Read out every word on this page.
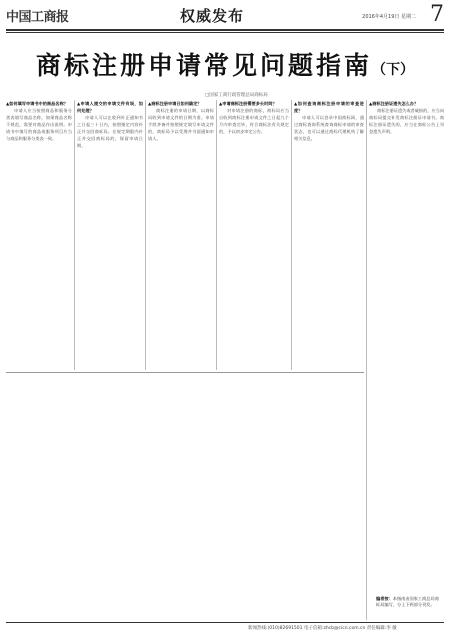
中国工商报	权威发布	2016年4月19日 星期二 7
商标注册申请常见问题指南（下）
□国家工商行政管理总局商标局

▲如何填写申请书中的商品名称？

申请人应当按照商品和服务分类表填写商品名称，如果商品名称不规范，需要对商品作出说明。申请书中填写的商品或服务项目应当与商品和服务分类表一致。

▲申请人提交的申请文件有误，如何处理？

申请人可以在收到补正通知书之日起三十日内，按照指定内容补正并交回商标局。在规定期限内补正并交回商标局的，保留申请日期。

▲商标注册申请日如何确定？

商标注册的申请日期，以商标局收到申请文件的日期为准。申请手续齐备并按照规定填写申请文件的，商标局予以受理并书面通知申请人。

▲申请商标注册需要多长时间？

对申请注册的商标，商标局应当自收到商标注册申请文件之日起九个月内审查完毕，符合商标法有关规定的，予以初步审定公告。

▲如何查询商标注册申请的审查进度？

申请人可以登录中国商标网，通过商标查询系统查询商标申请的审查状态，也可以通过商标代理机构了解相关信息。

▲商标注册证遗失怎么办？

商标注册证遗失或者破损的，应当向商标局提交补发商标注册证申请书。商标注册证遗失的，应当在商标公告上刊登遗失声明。

编者按：本指南由国家工商总局商标局编写，分上下两部分刊发。
新闻热线:(010)82691501 电子信箱:zhcb@cicn.com.cn 责任编辑:李 敏
